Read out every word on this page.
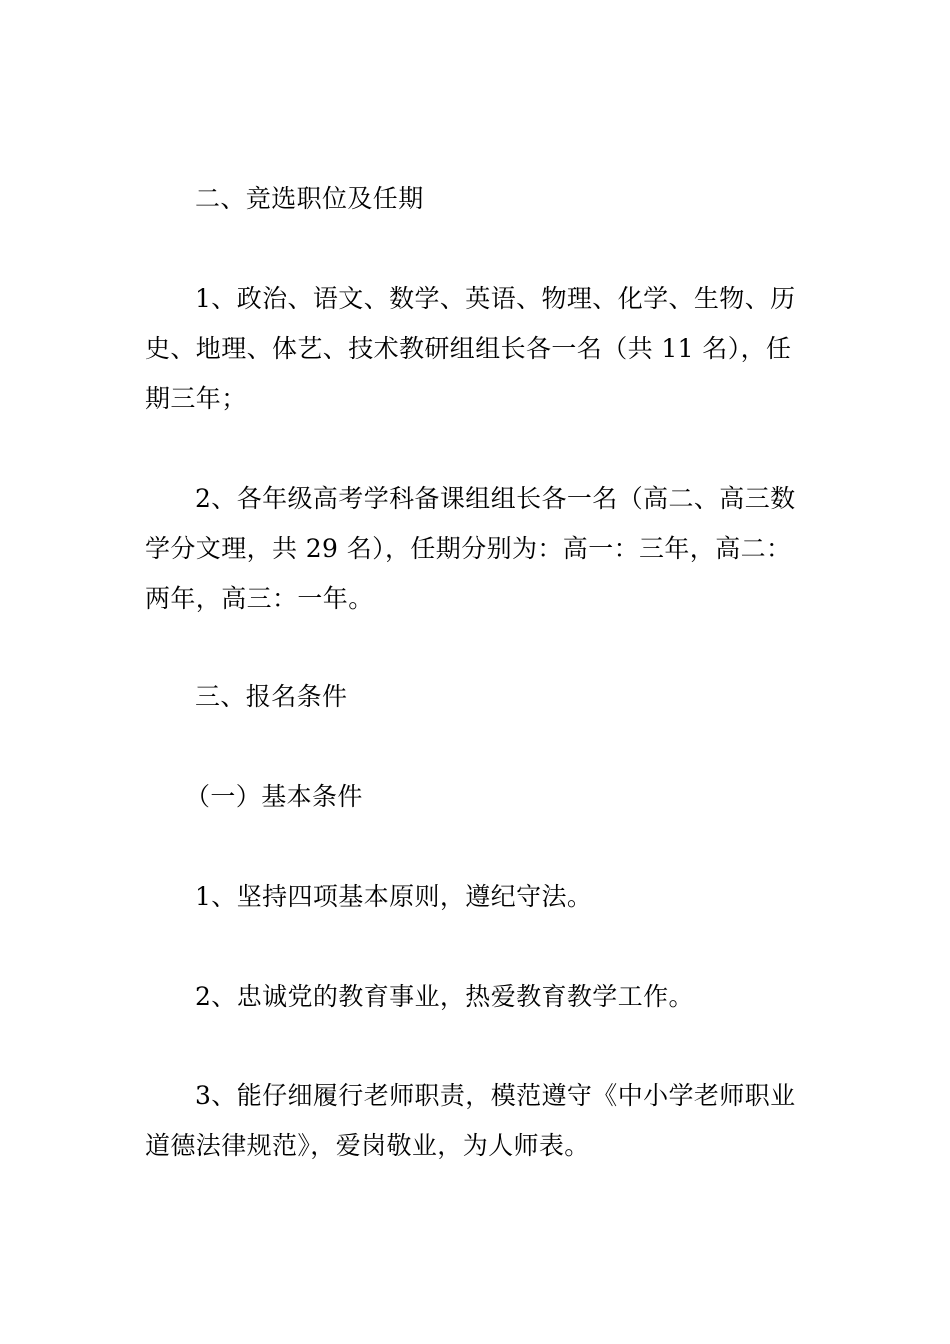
二、竞选职位及任期

1、政治、语文、数学、英语、物理、化学、生物、历史、地理、体艺、技术教研组组长各一名（共 11 名），任期三年；

2、各年级高考学科备课组组长各一名（高二、高三数学分文理，共 29 名），任期分别为：高一：三年，高二：两年，高三：一年。

三、报名条件

（一）基本条件

1、坚持四项基本原则，遵纪守法。

2、忠诚党的教育事业，热爱教育教学工作。

3、能仔细履行老师职责，模范遵守《中小学老师职业道德法律规范》，爱岗敬业，为人师表。
